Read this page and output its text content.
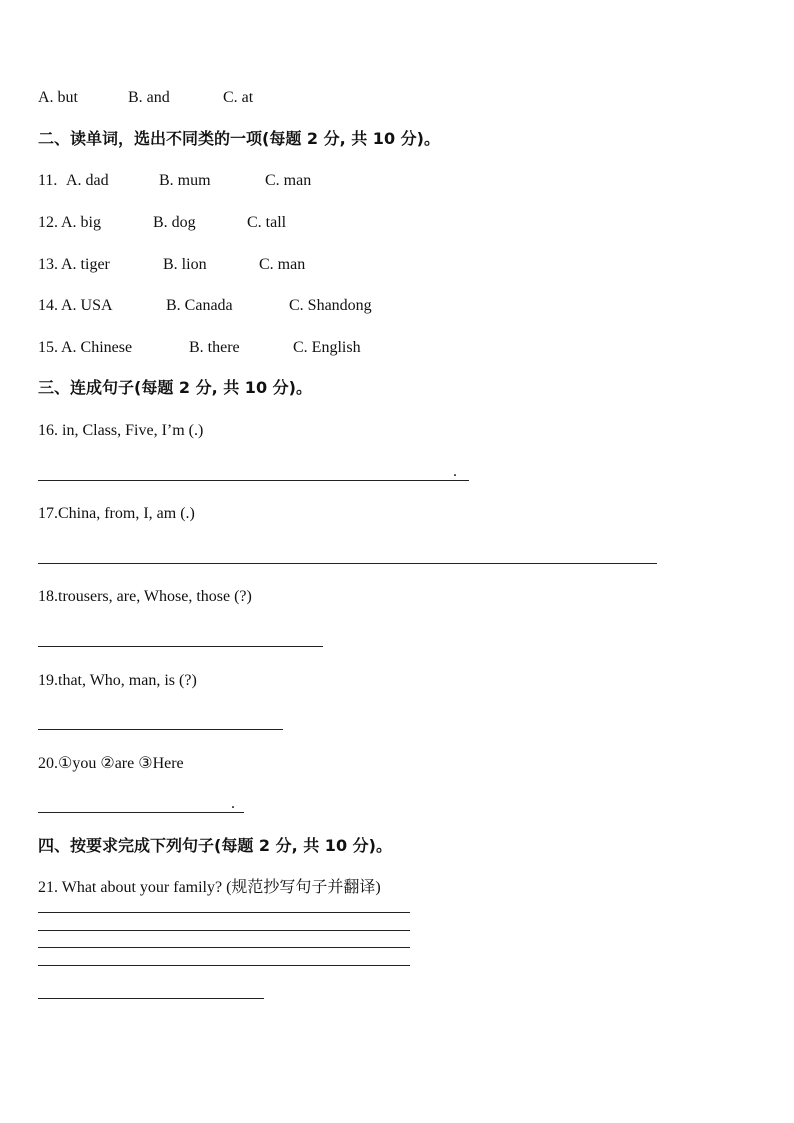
A. but	B. and	C. at
二、读单词，选出不同类的一项(每题 2 分, 共 10 分)。
11. A. dad	B. mum	C. man
12. A. big	B. dog	C. tall
13. A. tiger	B. lion	C. man
14. A. USA	B. Canada	C. Shandong
15. A. Chinese	B. there	C. English
三、连成句子(每题 2 分, 共 10 分)。
16. in, Class, Five, I’m (.)
.
17.China, from, I, am (.)
18.trousers, are, Whose, those (?)
19.that, Who, man, is (?)
20.①you ②are ③Here
.
四、按要求完成下列句子(每题 2 分, 共 10 分)。
21. What about your family? (规范抄写句子并翻译)
